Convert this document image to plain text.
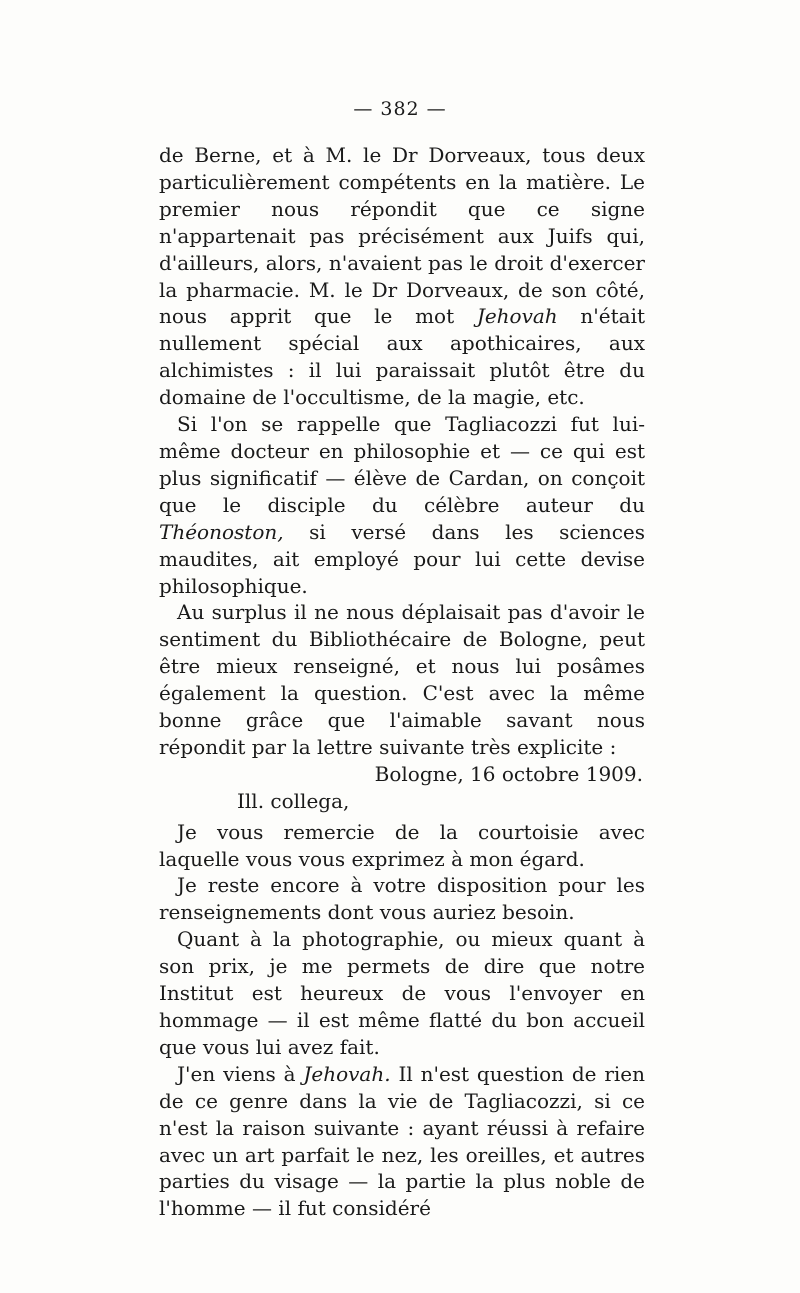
— 382 —

de Berne, et à M. le Dr Dorveaux, tous deux particulièrement compétents en la matière. Le premier nous répondit que ce signe n'appartenait pas précisément aux Juifs qui, d'ailleurs, alors, n'avaient pas le droit d'exercer la pharmacie. M. le Dr Dorveaux, de son côté, nous apprit que le mot Jehovah n'était nullement spécial aux apothicaires, aux alchimistes : il lui paraissait plutôt être du domaine de l'occultisme, de la magie, etc.

Si l'on se rappelle que Tagliacozzi fut lui-même docteur en philosophie et — ce qui est plus significatif — élève de Cardan, on conçoit que le disciple du célèbre auteur du Théonoston, si versé dans les sciences maudites, ait employé pour lui cette devise philosophique.

Au surplus il ne nous déplaisait pas d'avoir le sentiment du Bibliothécaire de Bologne, peut être mieux renseigné, et nous lui posâmes également la question. C'est avec la même bonne grâce que l'aimable savant nous répondit par la lettre suivante très explicite :

Bologne, 16 octobre 1909.

Ill. collega,

Je vous remercie de la courtoisie avec laquelle vous vous exprimez à mon égard.

Je reste encore à votre disposition pour les renseignements dont vous auriez besoin.

Quant à la photographie, ou mieux quant à son prix, je me permets de dire que notre Institut est heureux de vous l'envoyer en hommage — il est même flatté du bon accueil que vous lui avez fait.

J'en viens à Jehovah. Il n'est question de rien de ce genre dans la vie de Tagliacozzi, si ce n'est la raison suivante : ayant réussi à refaire avec un art parfait le nez, les oreilles, et autres parties du visage — la partie la plus noble de l'homme — il fut considéré
